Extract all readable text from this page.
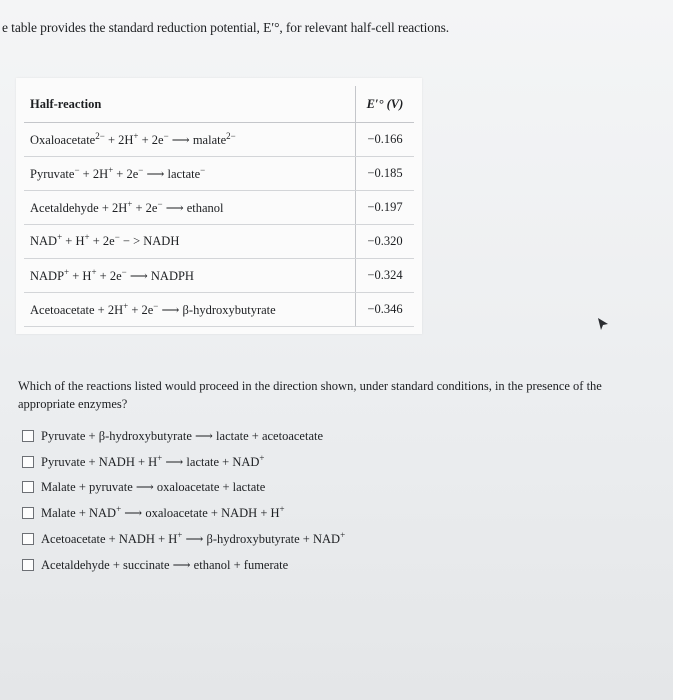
e table provides the standard reduction potential, E′°, for relevant half-cell reactions.
Half-reaction	E′° (V)
Oxaloacetate$^{2-}$ + 2H+ + 2e− ⟶ malate$^{2-}$	−0.166
Pyruvate− + 2H+ + 2e− ⟶ lactate−	−0.185
Acetaldehyde + 2H+ + 2e− ⟶ ethanol	−0.197
NAD+ + H+ + 2e− − > NADH	−0.320
NADP+ + H+ + 2e− ⟶ NADPH	−0.324
Acetoacetate + 2H+ + 2e− ⟶ β-hydroxybutyrate	−0.346
Which of the reactions listed would proceed in the direction shown, under standard conditions, in the presence of the appropriate enzymes?
Pyruvate + β-hydroxybutyrate ⟶ lactate + acetoacetate
Pyruvate + NADH + H+ ⟶ lactate + NAD+
Malate + pyruvate ⟶ oxaloacetate + lactate
Malate + NAD+ ⟶ oxaloacetate + NADH + H+
Acetoacetate + NADH + H+ ⟶ β-hydroxybutyrate + NAD+
Acetaldehyde + succinate ⟶ ethanol + fumerate
